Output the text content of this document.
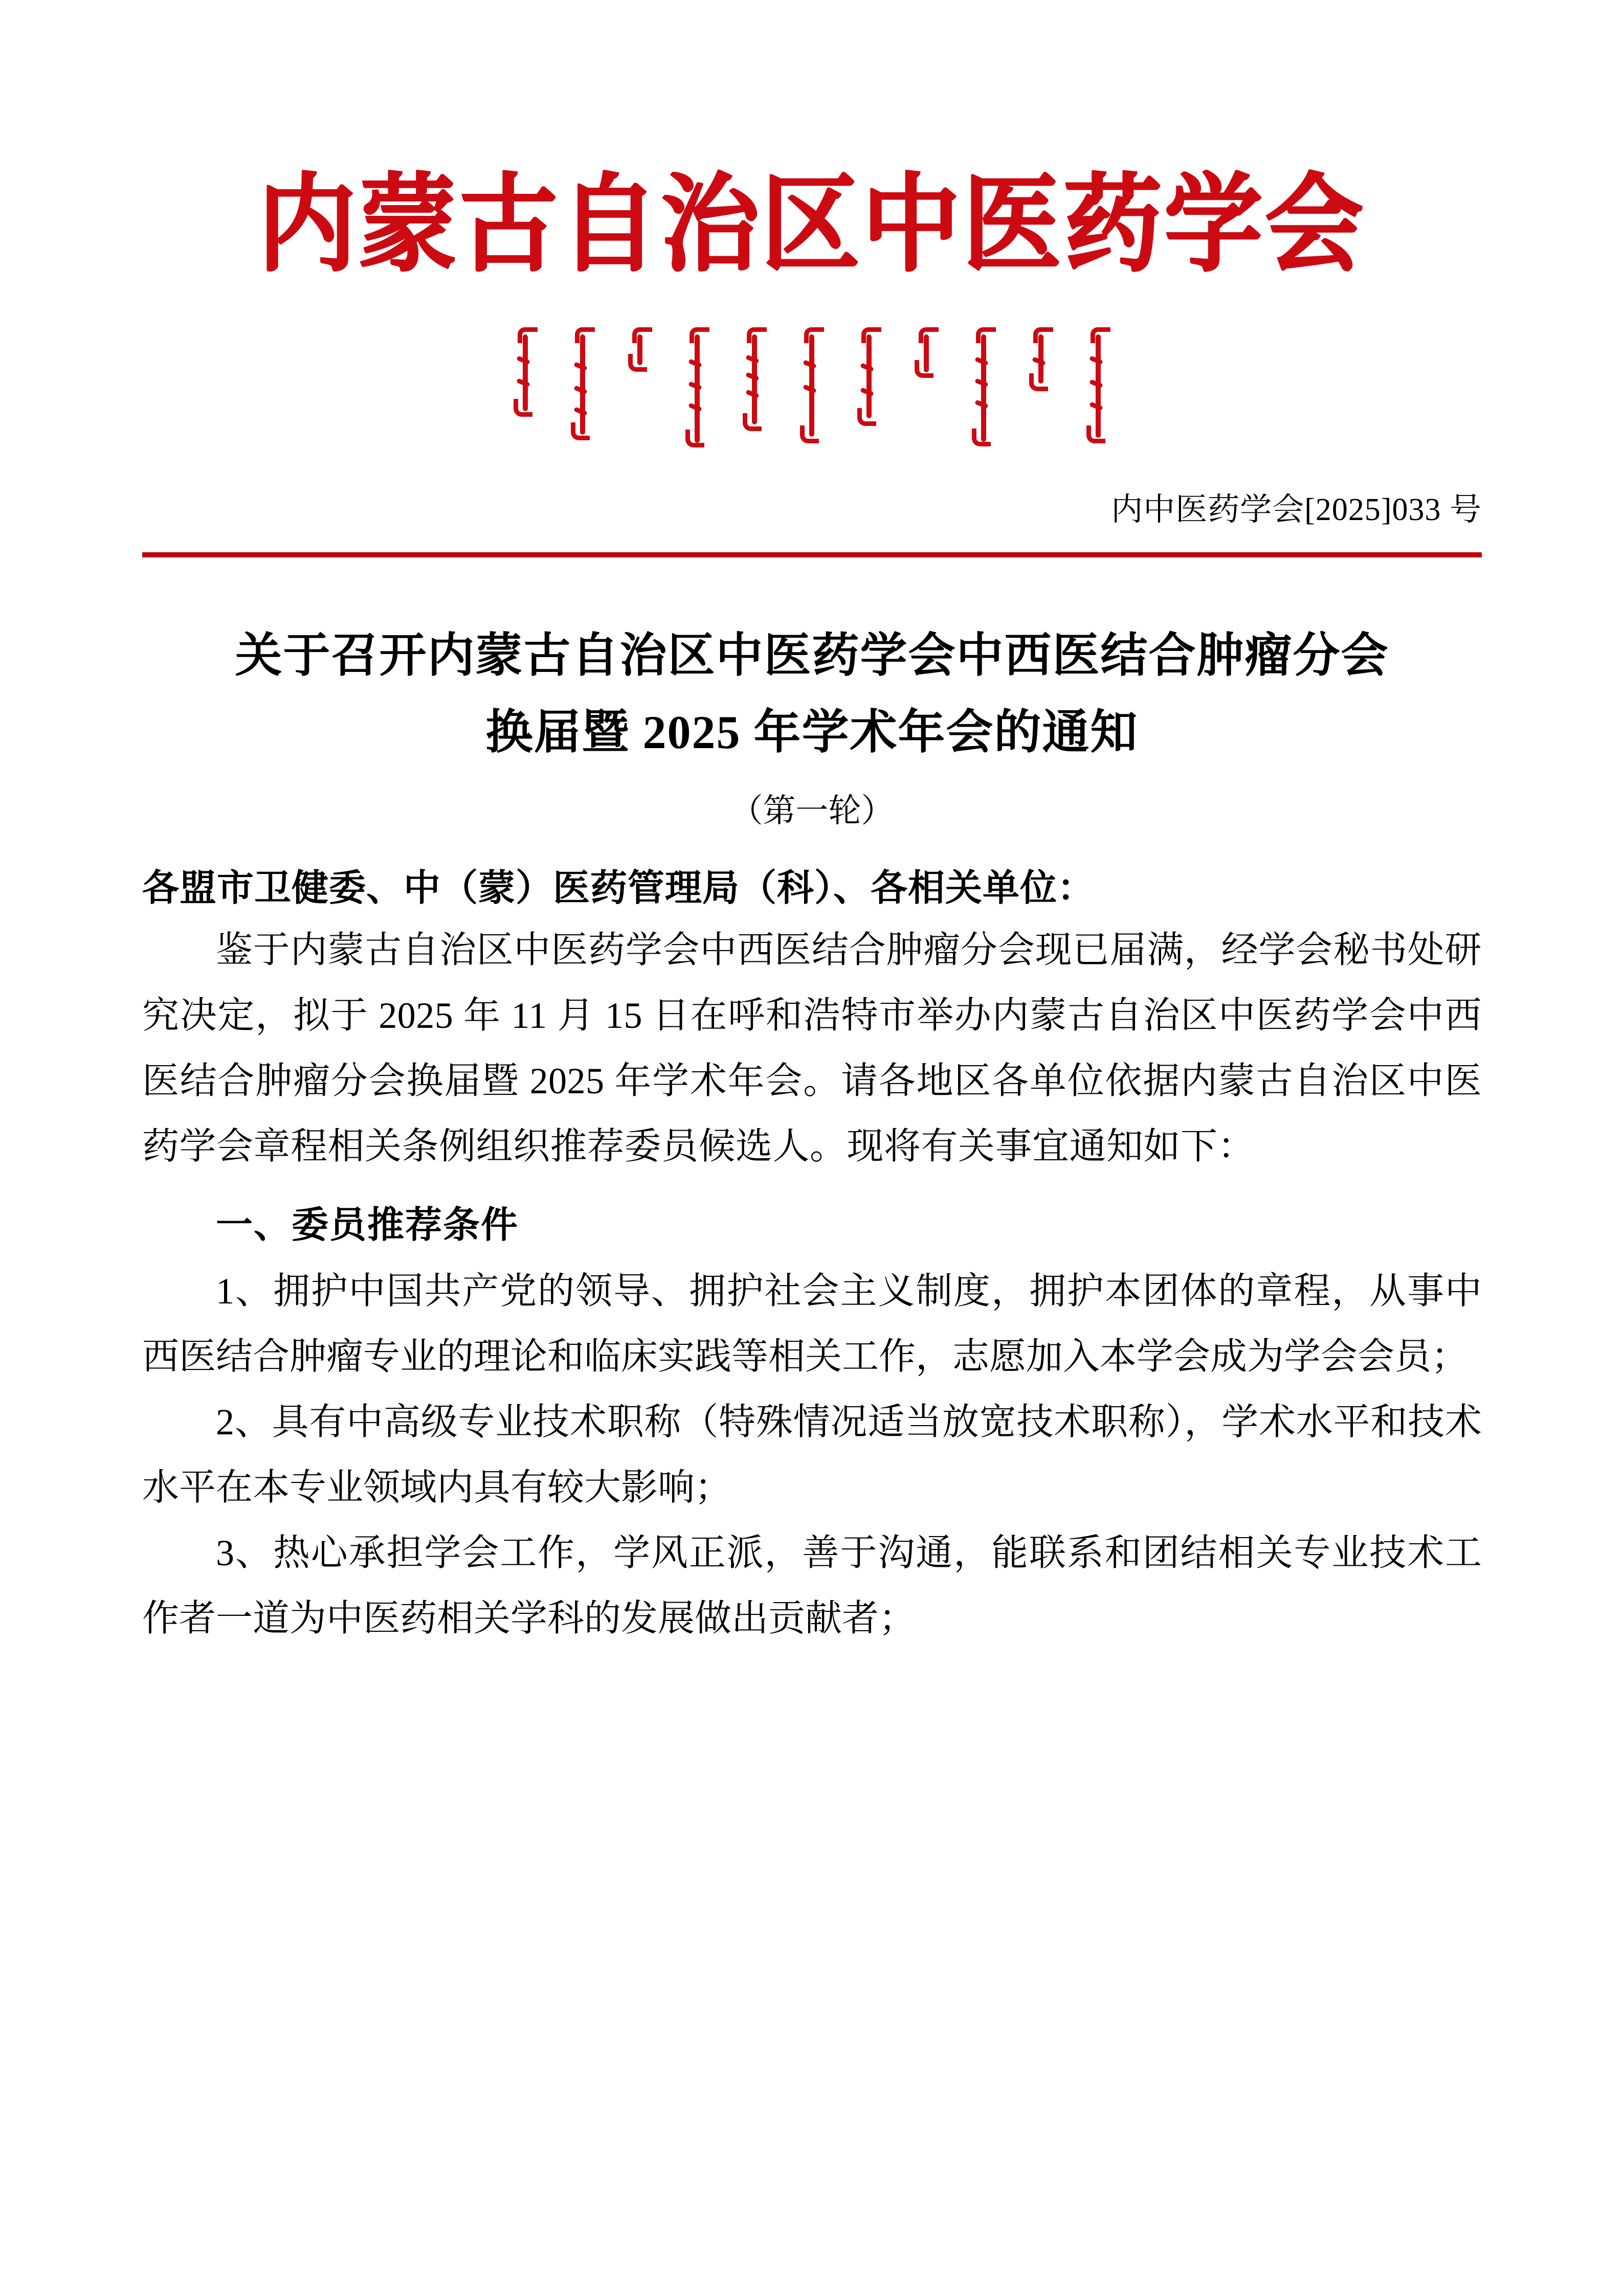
内蒙古自治区中医药学会
内中医药学会[2025]033 号
关于召开内蒙古自治区中医药学会中西医结合肿瘤分会
换届暨 2025 年学术年会的通知
（第一轮）
各盟市卫健委、中（蒙）医药管理局（科）、各相关单位：

鉴于内蒙古自治区中医药学会中西医结合肿瘤分会现已届满，经学会秘书处研究决定，拟于 2025 年 11 月 15 日在呼和浩特市举办内蒙古自治区中医药学会中西医结合肿瘤分会换届暨 2025 年学术年会。请各地区各单位依据内蒙古自治区中医药学会章程相关条例组织推荐委员候选人。现将有关事宜通知如下：

一、委员推荐条件

1、拥护中国共产党的领导、拥护社会主义制度，拥护本团体的章程，从事中西医结合肿瘤专业的理论和临床实践等相关工作，志愿加入本学会成为学会会员；

2、具有中高级专业技术职称（特殊情况适当放宽技术职称），学术水平和技术水平在本专业领域内具有较大影响；

3、热心承担学会工作，学风正派，善于沟通，能联系和团结相关专业技术工作者一道为中医药相关学科的发展做出贡献者；
